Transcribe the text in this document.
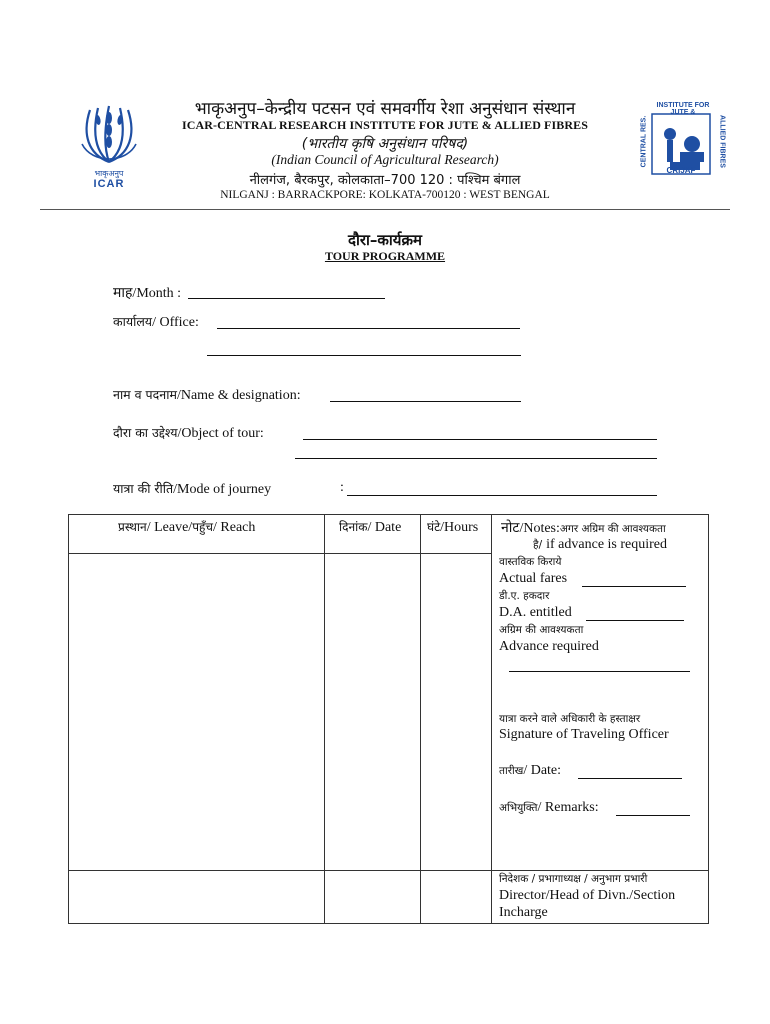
भाकृअनुप
ICAR
INSTITUTE FOR JUTE &
CENTRAL RES.	ALLIED FIBRES
CRIJAF
भाकृअनुप–केन्द्रीय पटसन एवं समवर्गीय रेशा अनुसंधान संस्थान
ICAR-CENTRAL RESEARCH INSTITUTE FOR JUTE & ALLIED FIBRES
(भारतीय कृषि अनुसंधान परिषद)
(Indian Council of Agricultural Research)
नीलगंज, बैरकपुर, कोलकाता–700 120 : पश्चिम बंगाल
NILGANJ : BARRACKPORE: KOLKATA-700120 : WEST BENGAL
दौरा–कार्यक्रम
TOUR PROGRAMME
माह/Month :
कार्यालय/ Office:
नाम व पदनाम/Name & designation:
दौरा का उद्देश्य/Object of tour:
यात्रा की रीति/Mode of journey	:
प्रस्थान/ Leave/पहुँच/ Reach	दिनांक/ Date घंटे/Hours नोट/Notes:अगर अग्रिम की आवश्यकता
है/ if advance is required
वास्तविक किराये
Actual fares
डी.ए. हकदार
D.A. entitled
अग्रिम की आवश्यकता
Advance required
यात्रा करने वाले अधिकारी के हस्ताक्षर
Signature of Traveling Officer
तारीख/ Date:
अभियुक्ति/ Remarks:
निदेशक / प्रभागाध्यक्ष / अनुभाग प्रभारी
Director/Head of Divn./Section
Incharge
